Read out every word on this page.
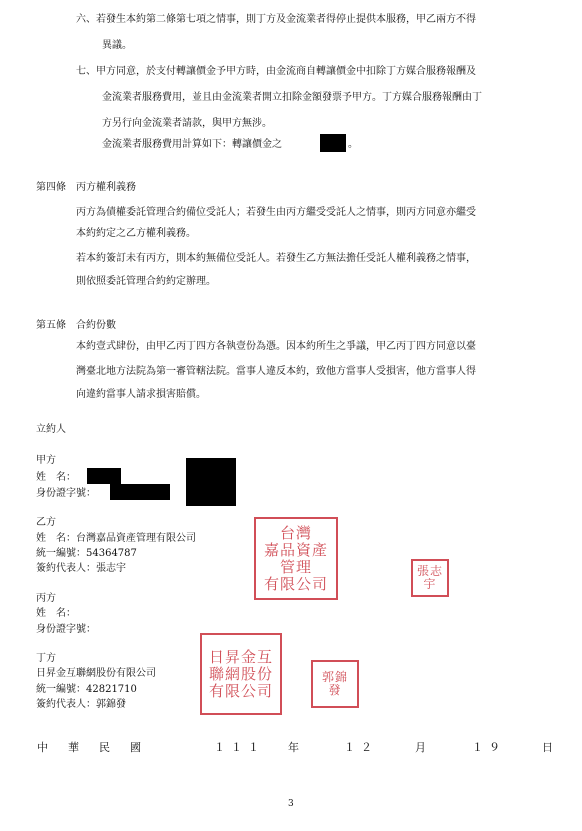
六、若發生本約第二條第七項之情事，則丁方及金流業者得停止提供本服務，甲乙兩方不得
異議。
七、甲方同意，於支付轉讓價金予甲方時，由金流商自轉讓價金中扣除丁方媒合服務報酬及
金流業者服務費用，並且由金流業者開立扣除金額發票予甲方。丁方媒合服務報酬由丁
方另行向金流業者請款，與甲方無涉。
金流業者服務費用計算如下：轉讓價金之	。
第四條　丙方權利義務
丙方為債權委託管理合約備位受託人；若發生由丙方繼受受託人之情事，則丙方同意亦繼受
本約約定之乙方權利義務。
若本約簽訂未有丙方，則本約無備位受託人。若發生乙方無法擔任受託人權利義務之情事，
則依照委託管理合約約定辦理。
第五條　合約份數
本約壹式肆份，由甲乙丙丁四方各執壹份為憑。因本約所生之爭議，甲乙丙丁四方同意以臺
灣臺北地方法院為第一審管轄法院。當事人違反本約，致他方當事人受損害，他方當事人得
向違約當事人請求損害賠償。
立約人
甲方
姓　名：
身份證字號：
乙方
姓　名：台灣嘉品資產管理有限公司
統一編號：54364787
簽約代表人：張志宇
台灣
嘉品資產
管理
有限公司
張志
宇
丙方
姓　名：
身份證字號：
丁方
日昇金互聯網股份有限公司
統一編號：42821710
簽約代表人：郭錦發
日昇金互
聯網股份
有限公司
郭錦
發
中 華 民 國	１１１ 年	１２	月	１９	日
3
